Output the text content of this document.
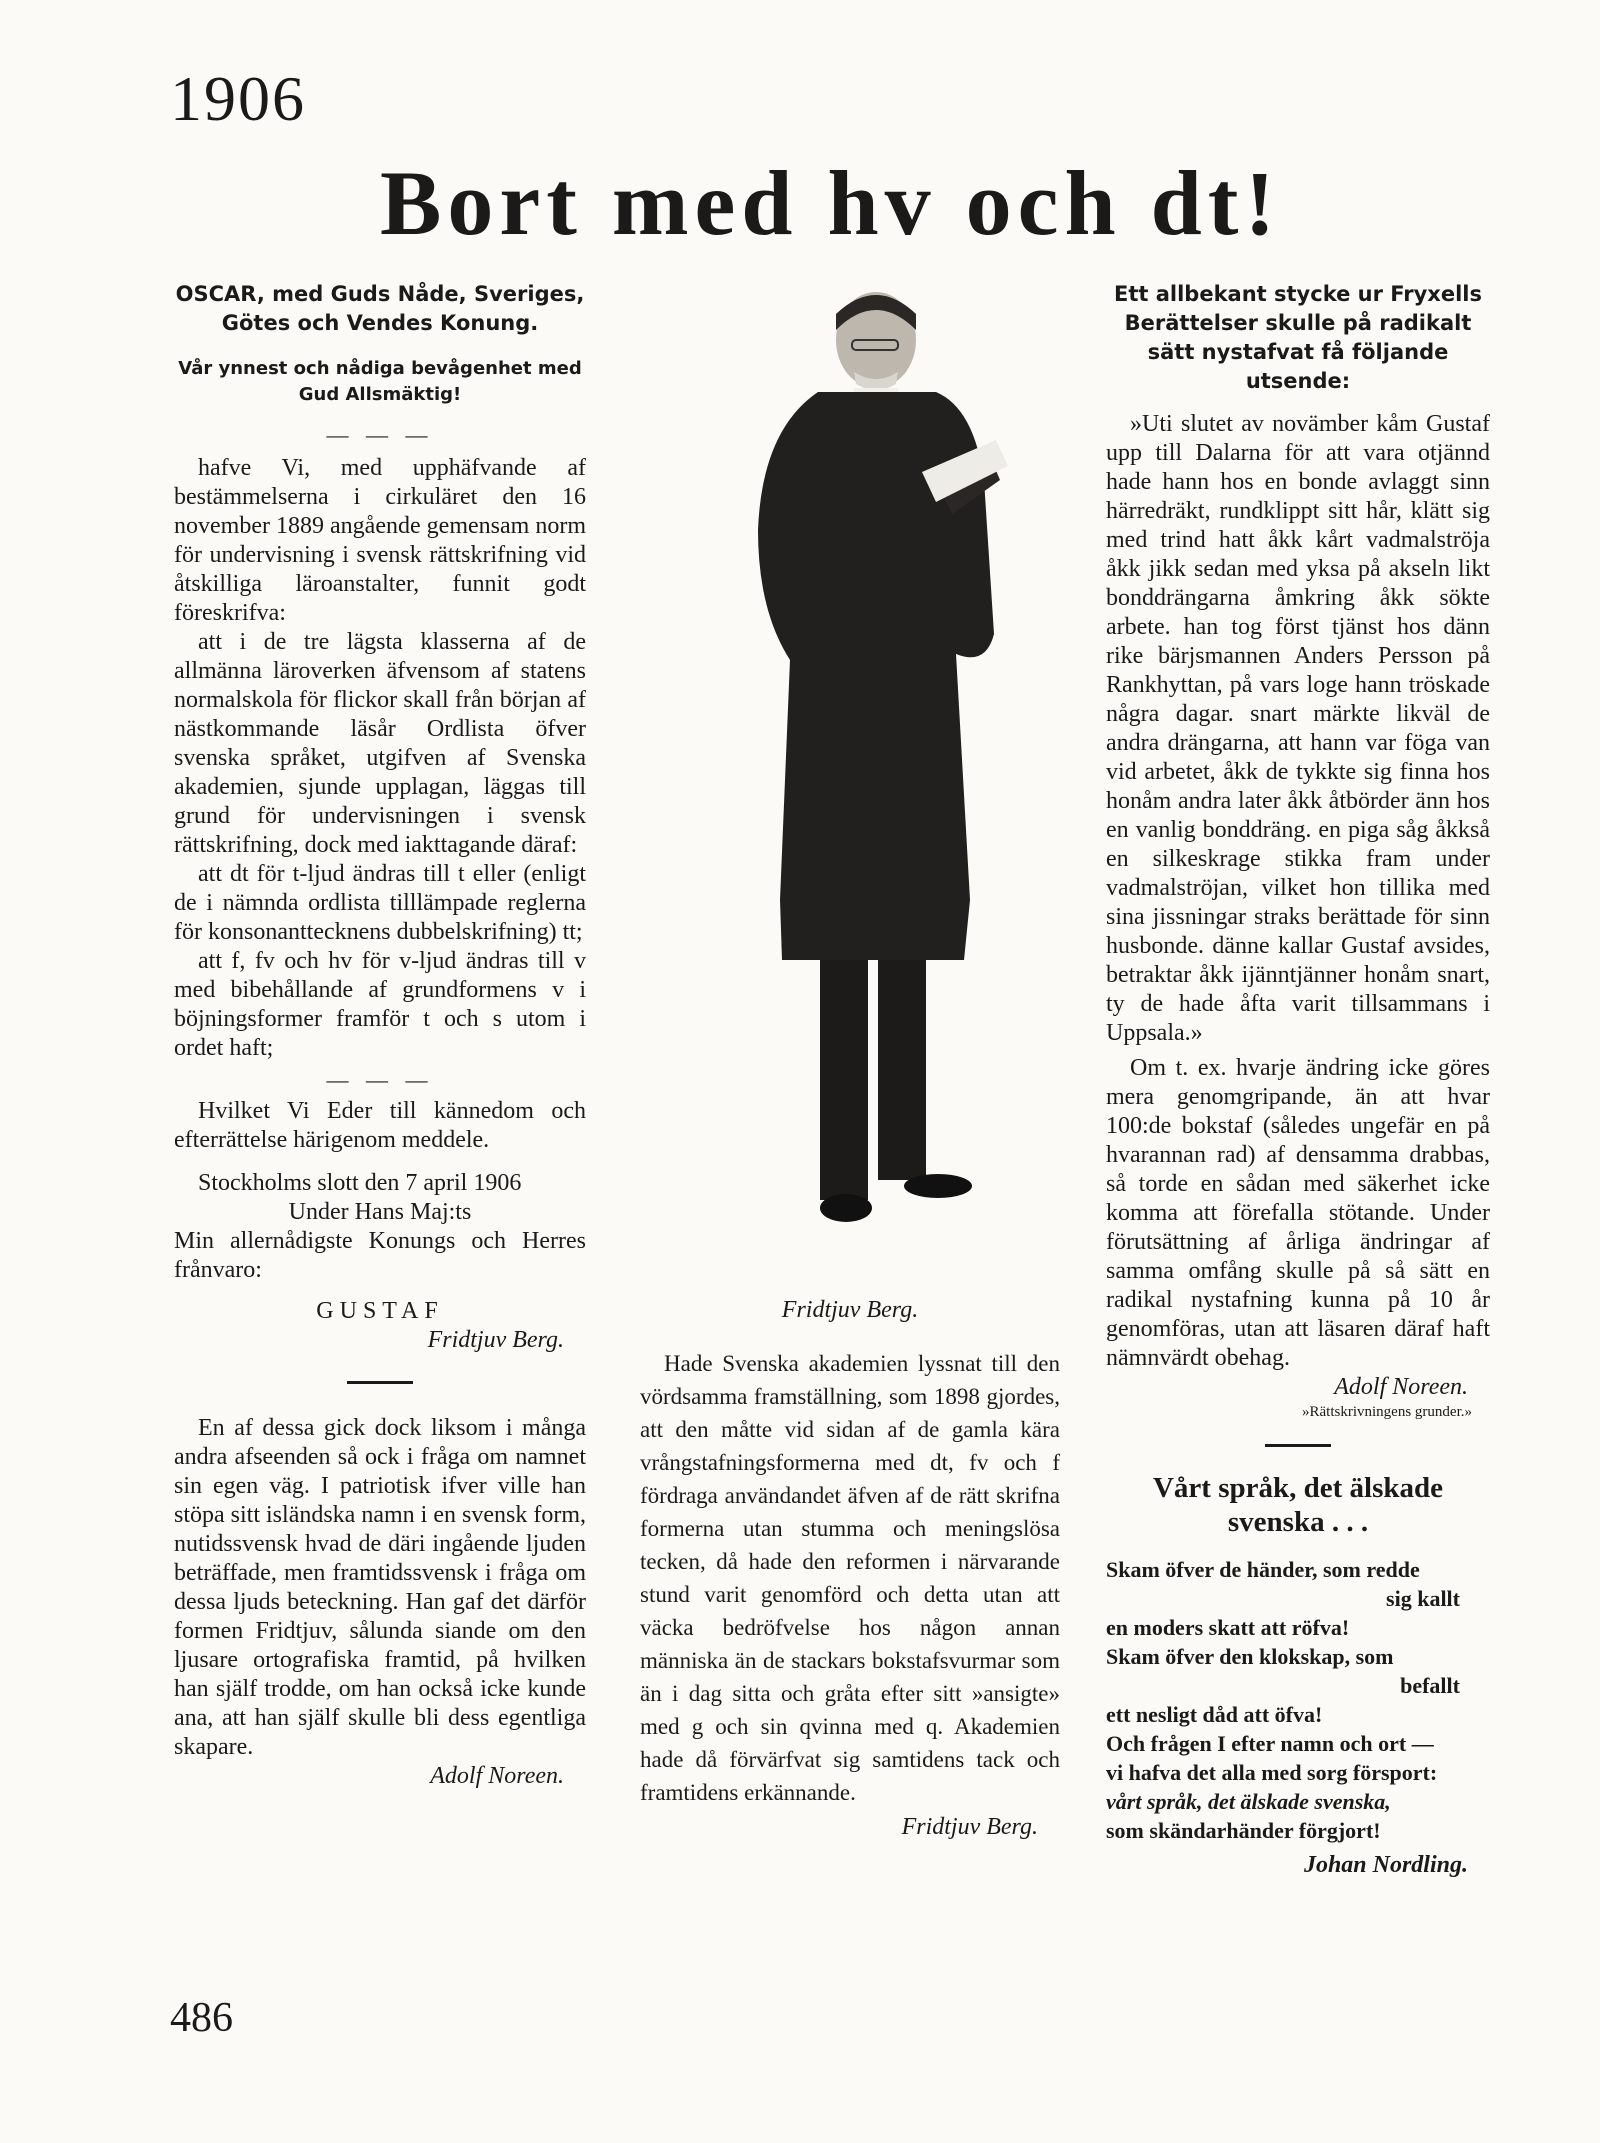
1906
Bort med hv och dt!

OSCAR, med Guds Nåde, Sveriges, Götes och Vendes Konung.

Vår ynnest och nådiga bevågenhet med Gud Allsmäktig!

— — —

hafve Vi, med upphäfvande af bestämmelserna i cirkuläret den 16 november 1889 angående gemensam norm för undervisning i svensk rättskrifning vid åtskilliga läroanstalter, funnit godt föreskrifva:

att i de tre lägsta klasserna af de allmänna läroverken äfvensom af statens normalskola för flickor skall från början af nästkommande läsår Ordlista öfver svenska språket, utgifven af Svenska akademien, sjunde upplagan, läggas till grund för undervisningen i svensk rättskrifning, dock med iakttagande däraf:

att dt för t-ljud ändras till t eller (enligt de i nämnda ordlista tilllämpade reglerna för konsonanttecknens dubbelskrifning) tt;

att f, fv och hv för v-ljud ändras till v med bibehållande af grundformens v i böjningsformer framför t och s utom i ordet haft;

— — —

Hvilket Vi Eder till kännedom och efterrättelse härigenom meddele.

Stockholms slott den 7 april 1906

Under Hans Maj:ts

Min allernådigste Konungs och Herres frånvaro:

GUSTAF

Fridtjuv Berg.

En af dessa gick dock liksom i många andra afseenden så ock i fråga om namnet sin egen väg. I patriotisk ifver ville han stöpa sitt isländska namn i en svensk form, nutidssvensk hvad de däri ingående ljuden beträffade, men framtidssvensk i fråga om dessa ljuds beteckning. Han gaf det därför formen Fridtjuv, sålunda siande om den ljusare ortografiska framtid, på hvilken han själf trodde, om han också icke kunde ana, att han själf skulle bli dess egentliga skapare.

Adolf Noreen.

Fridtjuv Berg.

Hade Svenska akademien lyssnat till den vördsamma framställning, som 1898 gjordes, att den måtte vid sidan af de gamla kära vrångstafningsformerna med dt, fv och f fördraga användandet äfven af de rätt skrifna formerna utan stumma och meningslösa tecken, då hade den reformen i närvarande stund varit genomförd och detta utan att väcka bedröfvelse hos någon annan människa än de stackars bokstafsvurmar som än i dag sitta och gråta efter sitt »ansigte» med g och sin qvinna med q. Akademien hade då förvärfvat sig samtidens tack och framtidens erkännande.

Fridtjuv Berg.

Ett allbekant stycke ur Fryxells Berättelser skulle på radikalt sätt nystafvat få följande utsende:

»Uti slutet av novämber kåm Gustaf upp till Dalarna för att vara otjännd hade hann hos en bonde avlaggt sinn härredräkt, rundklippt sitt hår, klätt sig med trind hatt åkk kårt vadmalströja åkk jikk sedan med yksa på akseln likt bonddrängarna åmkring åkk sökte arbete. han tog först tjänst hos dänn rike bärjsmannen Anders Persson på Rankhyttan, på vars loge hann tröskade några dagar. snart märkte likväl de andra drängarna, att hann var föga van vid arbetet, åkk de tykkte sig finna hos honåm andra later åkk åtbörder änn hos en vanlig bonddräng. en piga såg åkkså en silkeskrage stikka fram under vadmalströjan, vilket hon tillika med sina jissningar straks berättade för sinn husbonde. dänne kallar Gustaf avsides, betraktar åkk ijänntjänner honåm snart, ty de hade åfta varit tillsammans i Uppsala.»

Om t. ex. hvarje ändring icke göres mera genomgripande, än att hvar 100:de bokstaf (således ungefär en på hvarannan rad) af densamma drabbas, så torde en sådan med säkerhet icke komma att förefalla stötande. Under förutsättning af årliga ändringar af samma omfång skulle på så sätt en radikal nystafning kunna på 10 år genomföras, utan att läsaren däraf haft nämnvärdt obehag.

Adolf Noreen.

»Rättskrivningens grunder.»

Vårt språk, det älskade svenska . . .

Skam öfver de händer, som redde

sig kallt

en moders skatt att röfva!

Skam öfver den klokskap, som

befallt

ett nesligt dåd att öfva!

Och frågen I efter namn och ort —

vi hafva det alla med sorg försport:

vårt språk, det älskade svenska,

som skändarhänder förgjort!

Johan Nordling.

486
